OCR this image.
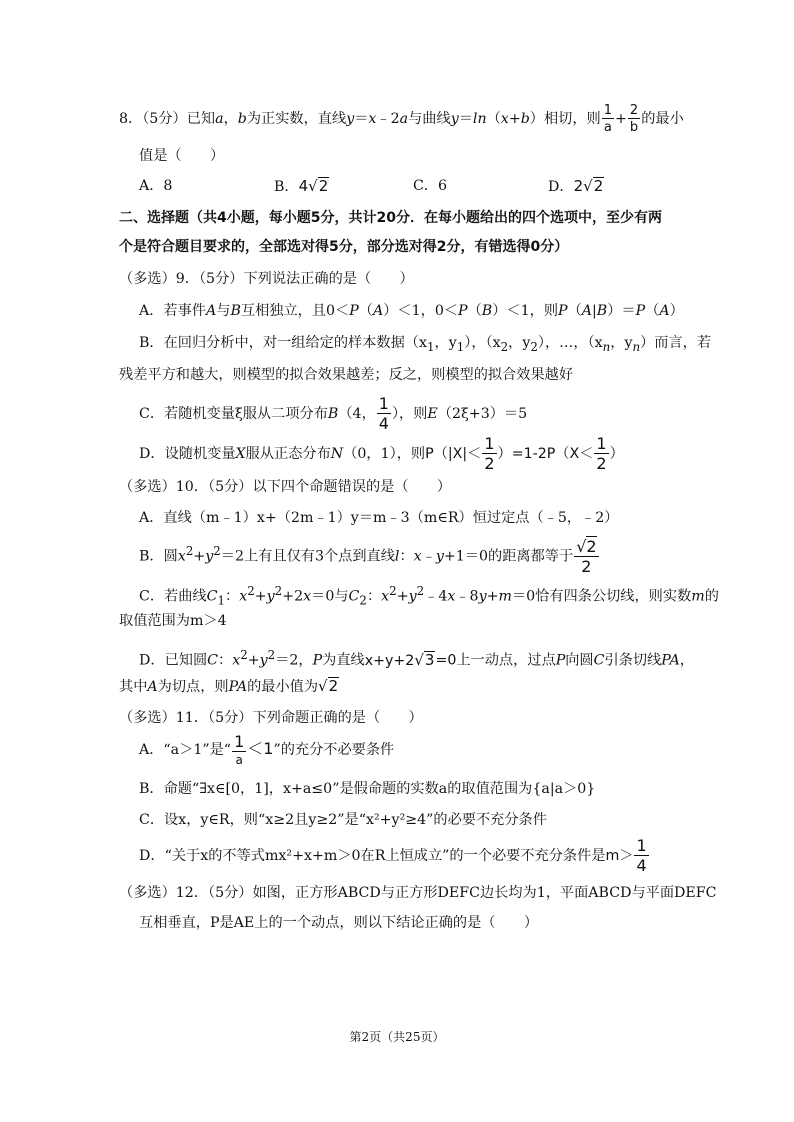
8．（5分）已知a，b为正实数，直线y＝x﹣2a与曲线y＝ln（x+b）相切，则 $\frac{1}{a} + \frac{2}{b}$ 的最小
值是（　　）
A．8	B．4√2	C．6	D．2√2
二、选择题（共4小题，每小题5分，共计20分．在每小题给出的四个选项中，至少有两
个是符合题目要求的，全部选对得5分，部分选对得2分，有错选得0分）
（多选）9．（5分）下列说法正确的是（　　）
A．若事件A与B互相独立，且0＜P（A）＜1，0＜P（B）＜1，则P（A|B）＝P（A）
B．在回归分析中，对一组给定的样本数据（$x_1$，$y_1$），（$x_2$，$y_2$），…，（$x_n$，$y_n$）而言，若
残差平方和越大，则模型的拟合效果越差；反之，则模型的拟合效果越好
C．若随机变量ξ服从二项分布B（4， $\frac{1}{4}$ ），则E（2ξ+3）＝5
D．设随机变量X服从正态分布N（0，1），则$P(|X|< \frac{1}{2} )=1-2P(X< \frac{1}{2}$ ）
（多选）10．（5分）以下四个命题错误的是（　　）
A．直线（m﹣1）x+（2m﹣1）y＝m﹣3（m∈R）恒过定点（﹣5，﹣2）
B．圆$x^2+y^2=2$上有且仅有3个点到直线l：x﹣y+1＝0的距离都等于 $\frac{√2}{2}$
C．若曲线$C_1$：$x^2+y^2+2x=0$与$C_2$：$x^2+y^2﹣4x﹣8y+m=0$恰有四条公切线，则实数m的
取值范围为m＞4
D．已知圆C：$x^2+y^2=2$，P为直线x+y+2√3=0上一动点，过点P向圆C引条切线PA，
其中A为切点，则PA的最小值为√2
（多选）11．（5分）下列命题正确的是（　　）
A．“a＞1”是“ $\frac{1}{a} <1$”的充分不必要条件
B．命题“∃x∈[0，1]，x+a≤0”是假命题的实数a的取值范围为{a|a＞0}
C．设x，y∈R，则“x≥2且y≥2”是“x²+y²≥4”的必要不充分条件
D．“关于x的不等式mx²+x+m＞0在R上恒成立”的一个必要不充分条件是$m> \frac{1}{4}$
（多选）12．（5分）如图，正方形ABCD与正方形DEFC边长均为1，平面ABCD与平面DEFC
互相垂直，P是AE上的一个动点，则以下结论正确的是（　　）
第2页（共25页）
